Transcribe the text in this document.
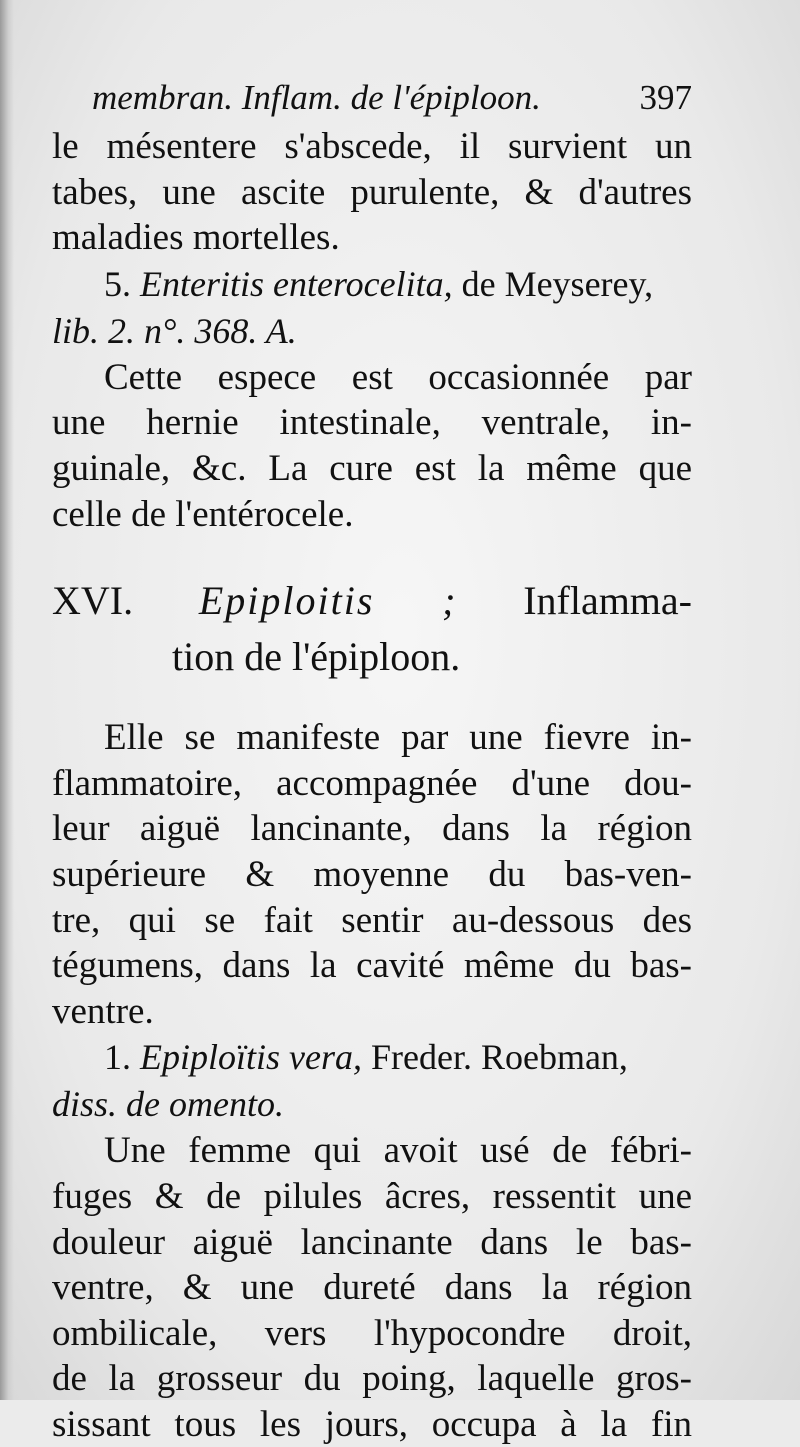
membran. Inflam. de l'épiploon.	397
le mésentere s'abscede, il survient un
tabes, une ascite purulente, & d'autres
maladies mortelles.
5. Enteritis enterocelita, de Meyserey,
lib. 2. n°. 368. A.
Cette espece est occasionnée par
une hernie intestinale, ventrale, in-
guinale, &c. La cure est la même que
celle de l'entérocele.
XVI. Epiploitis ; Inflamma-
tion de l'épiploon.
Elle se manifeste par une fievre in-
flammatoire, accompagnée d'une dou-
leur aiguë lancinante, dans la région
supérieure & moyenne du bas-ven-
tre, qui se fait sentir au-dessous des
tégumens, dans la cavité même du bas-
ventre.
1. Epiploïtis vera, Freder. Roebman,
diss. de omento.
Une femme qui avoit usé de fébri-
fuges & de pilules âcres, ressentit une
douleur aiguë lancinante dans le bas-
ventre, & une dureté dans la région
ombilicale, vers l'hypocondre droit,
de la grosseur du poing, laquelle gros-
sissant tous les jours, occupa à la fin
